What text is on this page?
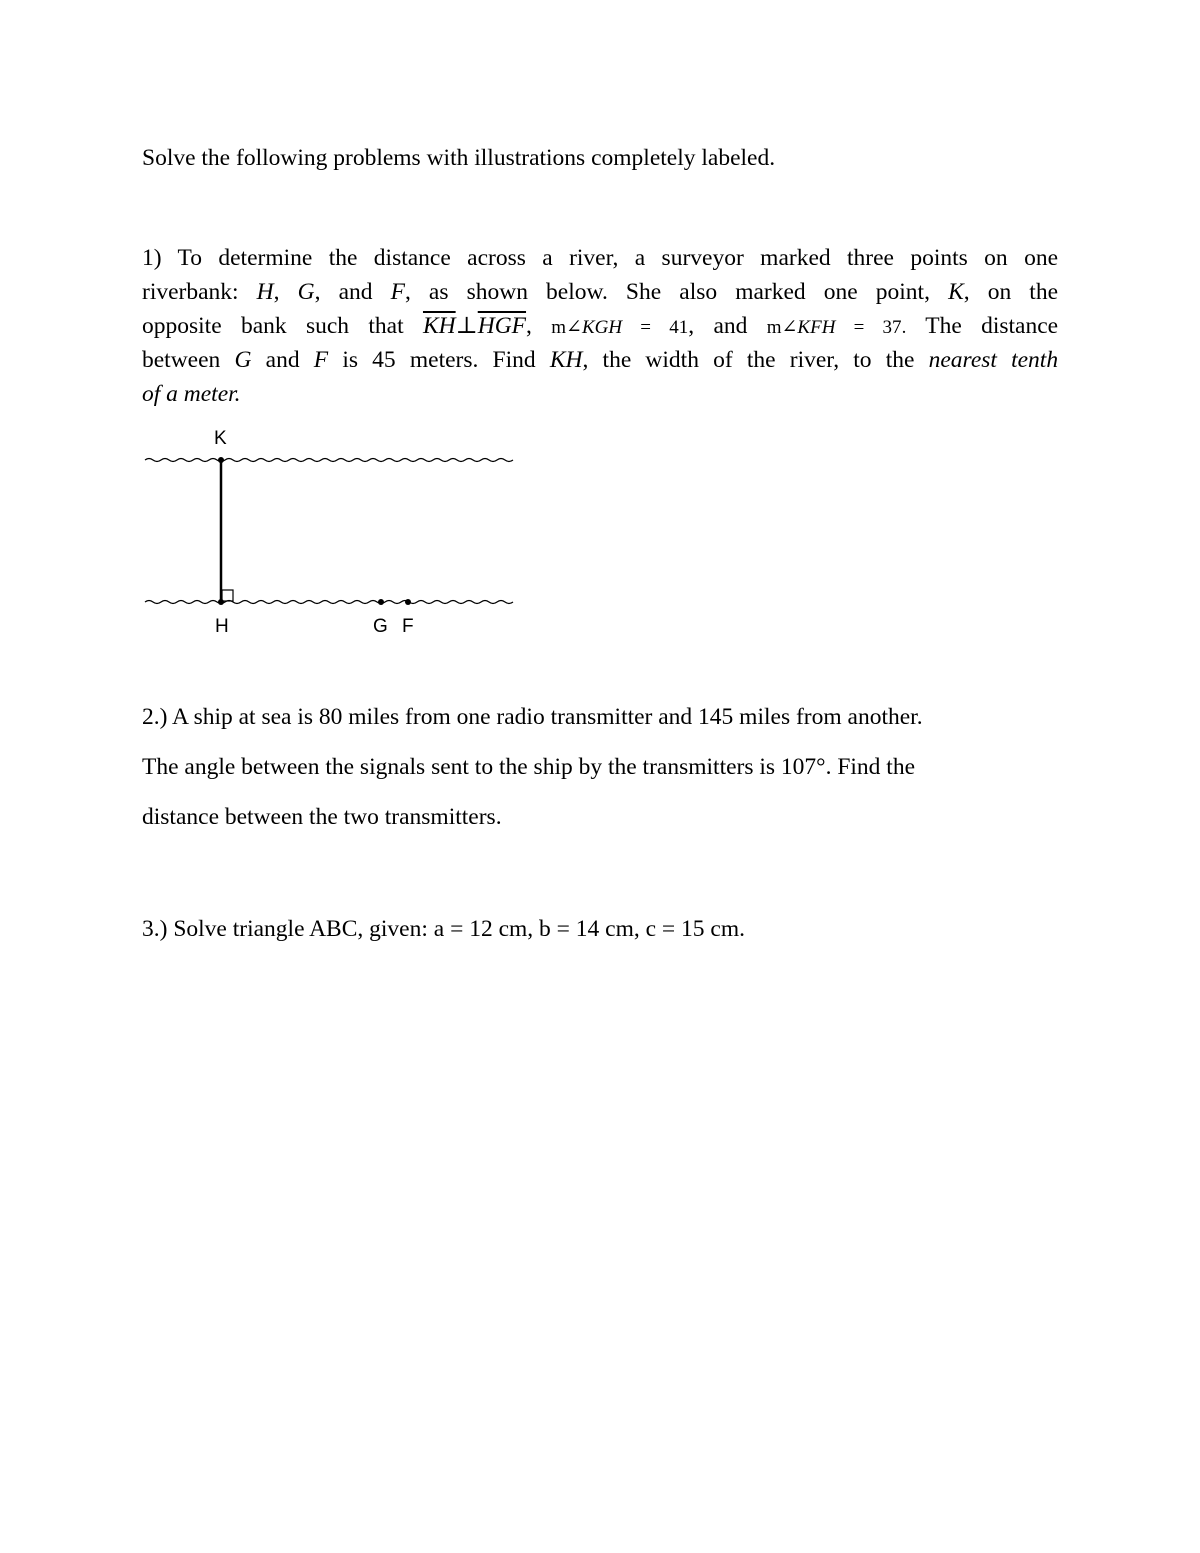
Solve the following problems with illustrations completely labeled.
1) To determine the distance across a river, a surveyor marked three points on one
riverbank: H, G, and F, as shown below. She also marked one point, K, on the
opposite bank such that $\overline{KH}\perp\overline{HGF}$, m∠KGH = 41, and m∠KFH = 37. The distance
between G and F is 45 meters. Find KH, the width of the river, to the nearest tenth
of a meter.
K
H	G F
2.) A ship at sea is 80 miles from one radio transmitter and 145 miles from another.
The angle between the signals sent to the ship by the transmitters is 107°. Find the
distance between the two transmitters.
3.) Solve triangle ABC, given: a = 12 cm, b = 14 cm, c = 15 cm.
